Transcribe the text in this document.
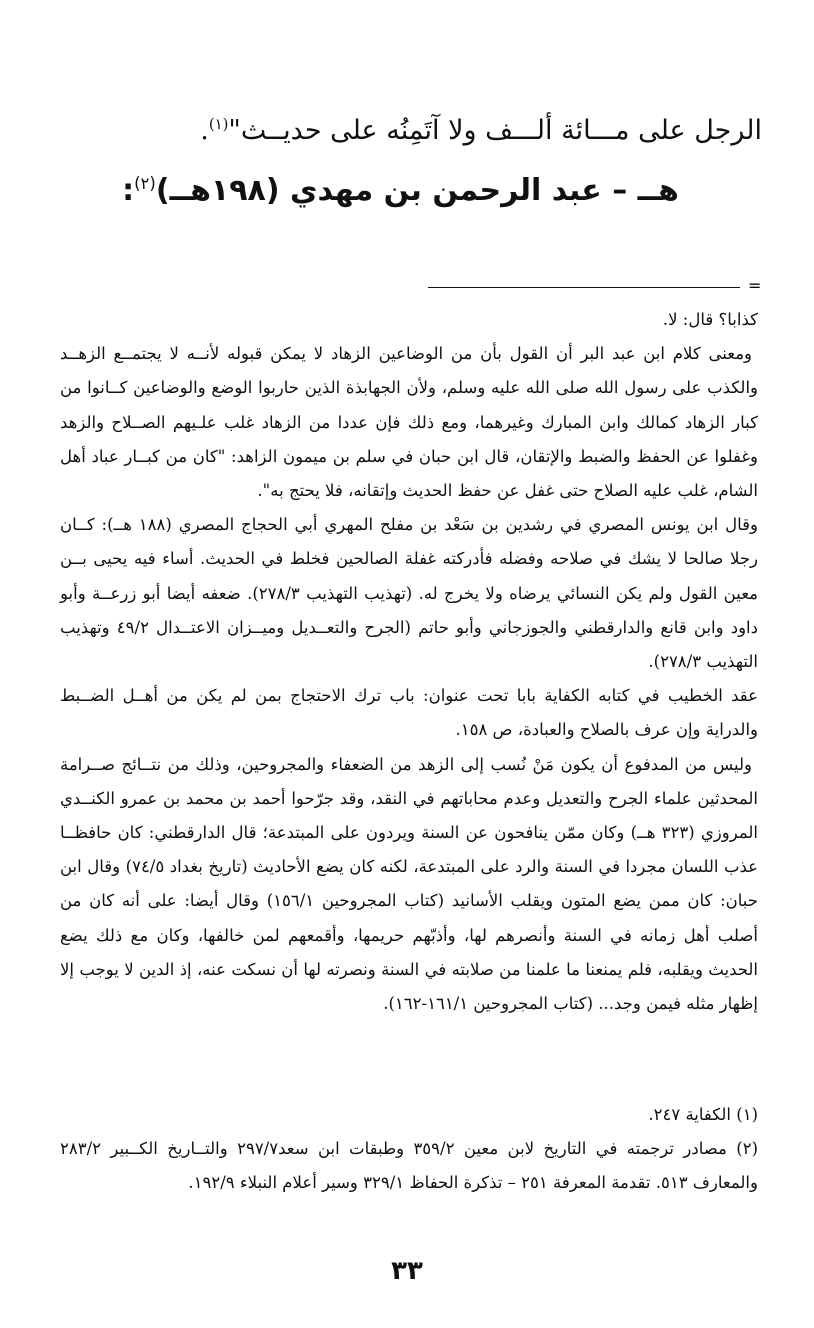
الرجل على مـــائة ألـــف ولا آتَمِنُه على حديــث"$^{(١)}$.
هــ – عبد الرحمن بن مهدي (١٩٨هــ)$^{(٢)}$:
=

كذابا؟ قال: لا.

ومعنى كلام ابن عبد البر أن القول بأن من الوضاعين الزهاد لا يمكن قبوله لأنــه لا يجتمــع الزهــد والكذب على رسول الله صلى الله عليه وسلم، ولأن الجهابذة الذين حاربوا الوضع والوضاعين كــانوا من كبار الزهاد كمالك وابن المبارك وغيرهما، ومع ذلك فإن عددا من الزهاد غلب علـيهم الصــلاح والزهد وغفلوا عن الحفظ والضبط والإتقان، قال ابن حبان في سلم بن ميمون الزاهد: "كان من كبــار عباد أهل الشام، غلب عليه الصلاح حتى غفل عن حفظ الحديث وإتقانه، فلا يحتج به".

وقال ابن يونس المصري في رشدين بن سَعْد بن مفلح المهري أبي الحجاج المصري (١٨٨ هــ): كــان رجلا صالحا لا يشك في صلاحه وفضله فأدركته غفلة الصالحين فخلط في الحديث. أساء فيه يحيى بــن معين القول ولم يكن النسائي يرضاه ولا يخرج له. (تهذيب التهذيب ٢٧٨/٣). ضعفه أيضا أبو زرعــة وأبو داود وابن قانع والدارقطني والجوزجاني وأبو حاتم (الجرح والتعــديل وميــزان الاعتــدال ٤٩/٢ وتهذيب التهذيب ٢٧٨/٣).

عقد الخطيب في كتابه الكفاية بابا تحت عنوان: باب ترك الاحتجاج بمن لم يكن من أهــل الضــبط والدراية وإن عرف بالصلاح والعبادة، ص ١٥٨.

وليس من المدفوع أن يكون مَنْ نُسب إلى الزهد من الضعفاء والمجروحين، وذلك من نتــائج صــرامة المحدثين علماء الجرح والتعديل وعدم محاباتهم في النقد، وقد جرّحوا أحمد بن محمد بن عمرو الكنــدي المروزي (٣٢٣ هــ) وكان ممّن ينافحون عن السنة ويردون على المبتدعة؛ قال الدارقطني: كان حافظــا عذب اللسان مجردا في السنة والرد على المبتدعة، لكنه كان يضع الأحاديث (تاريخ بغداد ٧٤/٥) وقال ابن حبان: كان ممن يضع المتون ويقلب الأسانيد (كتاب المجروحين ١٥٦/١) وقال أيضا: على أنه كان من أصلب أهل زمانه في السنة وأنصرهم لها، وأذبّهم حريمها، وأقمعهم لمن خالفها، وكان مع ذلك يضع الحديث ويقلبه، فلم يمنعنا ما علمنا من صلابته في السنة ونصرته لها أن نسكت عنه، إذ الدين لا يوجب إلا إظهار مثله فيمن وجد... (كتاب المجروحين ١٦١/١-١٦٢).

(١) الكفاية ٢٤٧.

(٢) مصادر ترجمته في التاريخ لابن معين ٣٥٩/٢ وطبقات ابن سعد٢٩٧/٧ والتــاريخ الكــبير ٢٨٣/٢ والمعارف ٥١٣. تقدمة المعرفة ٢٥١ – تذكرة الحفاظ ٣٢٩/١ وسير أعلام النبلاء ١٩٢/٩.

٣٣
